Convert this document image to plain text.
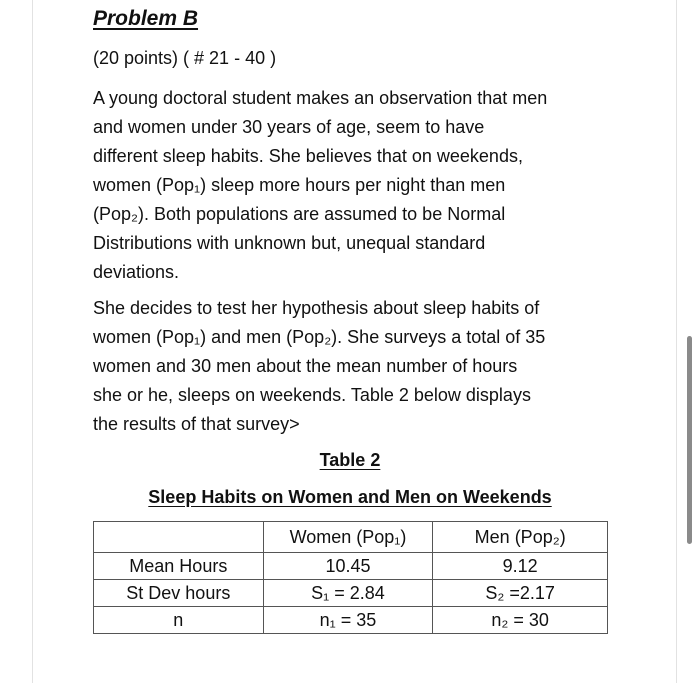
Problem B
(20 points) ( # 21 - 40 )
A young doctoral student makes an observation that men
and women under 30 years of age, seem to have
different sleep habits. She believes that on weekends,
women (Pop₁) sleep more hours per night than men
(Pop₂). Both populations are assumed to be Normal
Distributions with unknown but, unequal standard
deviations.
She decides to test her hypothesis about sleep habits of
women (Pop₁) and men (Pop₂). She surveys a total of 35
women and 30 men about the mean number of hours
she or he, sleeps on weekends. Table 2 below displays
the results of that survey>
Table 2
Sleep Habits on Women and Men on Weekends
	Women (Pop₁)	Men (Pop₂)
Mean Hours	10.45	9.12
St Dev hours	S₁ = 2.84	S₂ =2.17
n	n₁ = 35	n₂ = 30
